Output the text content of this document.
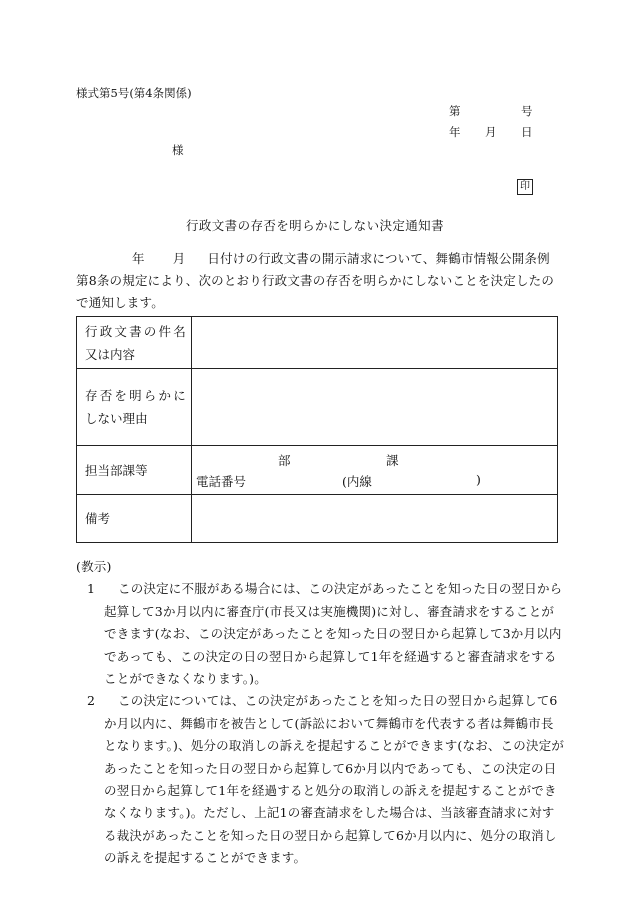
様式第5号(第4条関係)
第	号
年 月 日
様
印
行政文書の存否を明らかにしない決定通知書
年 月 日付けの行政文書の開示請求について、舞鶴市情報公開条例第8条の規定により、次のとおり行政文書の存否を明らかにしないことを決定したので通知します。
行政文書の件名
又は内容	

存否を明らかに
しない理由	

担当部課等	部 課
電話番号 (内線 )

備考	

(教示)
1	この決定に不服がある場合には、この決定があったことを知った日の翌日から起算して3か月以内に審査庁(市長又は実施機関)に対し、審査請求をすることができます(なお、この決定があったことを知った日の翌日から起算して3か月以内であっても、この決定の日の翌日から起算して1年を経過すると審査請求をすることができなくなります。)。
2	この決定については、この決定があったことを知った日の翌日から起算して6か月以内に、舞鶴市を被告として(訴訟において舞鶴市を代表する者は舞鶴市長となります。)、処分の取消しの訴えを提起することができます(なお、この決定があったことを知った日の翌日から起算して6か月以内であっても、この決定の日の翌日から起算して1年を経過すると処分の取消しの訴えを提起することができなくなります。)。ただし、上記1の審査請求をした場合は、当該審査請求に対する裁決があったことを知った日の翌日から起算して6か月以内に、処分の取消しの訴えを提起することができます。
